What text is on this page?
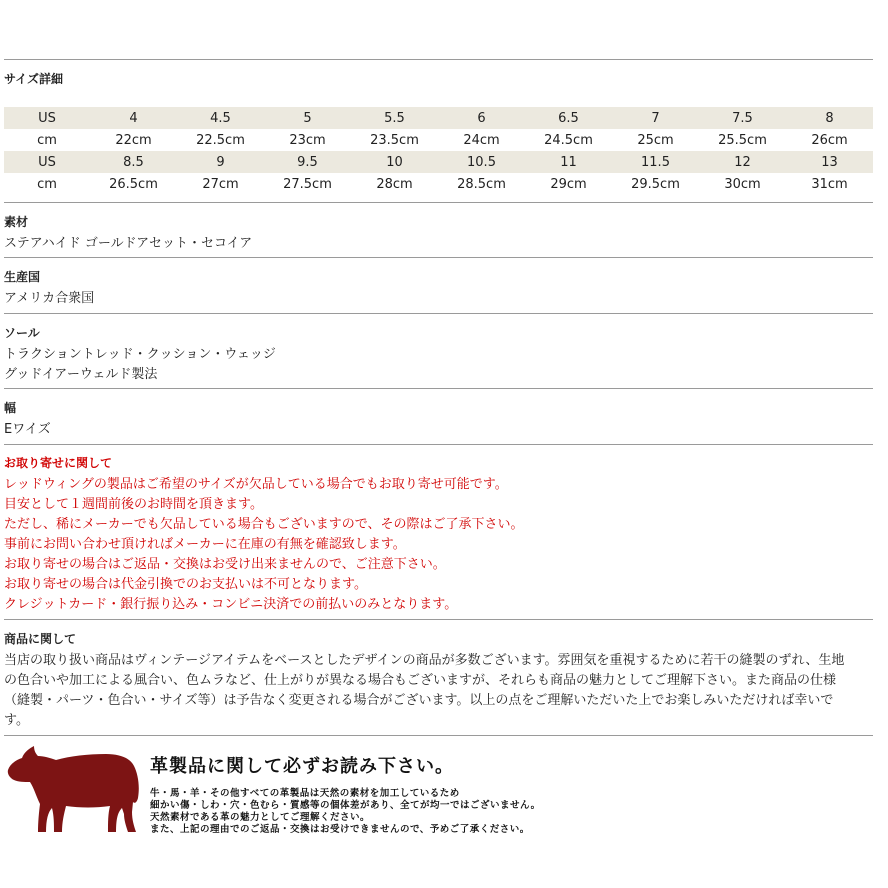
サイズ詳細
US	4	4.5	5	5.5	6	6.5	7	7.5	8
cm	22cm	22.5cm	23cm	23.5cm	24cm	24.5cm	25cm	25.5cm	26cm
US	8.5	9	9.5	10	10.5	11	11.5	12	13
cm	26.5cm	27cm	27.5cm	28cm	28.5cm	29cm	29.5cm	30cm	31cm
素材
ステアハイド ゴールドアセット・セコイア
生産国
アメリカ合衆国
ソール
トラクショントレッド・クッション・ウェッジ
グッドイアーウェルド製法
幅
Eワイズ
お取り寄せに関して
レッドウィングの製品はご希望のサイズが欠品している場合でもお取り寄せ可能です。
目安として１週間前後のお時間を頂きます。
ただし、稀にメーカーでも欠品している場合もございますので、その際はご了承下さい。
事前にお問い合わせ頂ければメーカーに在庫の有無を確認致します。
お取り寄せの場合はご返品・交換はお受け出来ませんので、ご注意下さい。
お取り寄せの場合は代金引換でのお支払いは不可となります。
クレジットカード・銀行振り込み・コンビニ決済での前払いのみとなります。
商品に関して
当店の取り扱い商品はヴィンテージアイテムをベースとしたデザインの商品が多数ございます。雰囲気を重視するために若干の縫製のずれ、生地
の色合いや加工による風合い、色ムラなど、仕上がりが異なる場合もございますが、それらも商品の魅力としてご理解下さい。また商品の仕様
（縫製・パーツ・色合い・サイズ等）は予告なく変更される場合がございます。以上の点をご理解いただいた上でお楽しみいただければ幸いで
す。
革製品に関して必ずお読み下さい。
牛・馬・羊・その他すべての革製品は天然の素材を加工しているため
細かい傷・しわ・穴・色むら・質感等の個体差があり、全てが均一ではございません。
天然素材である革の魅力としてご理解ください。
また、上記の理由でのご返品・交換はお受けできませんので、予めご了承ください。
